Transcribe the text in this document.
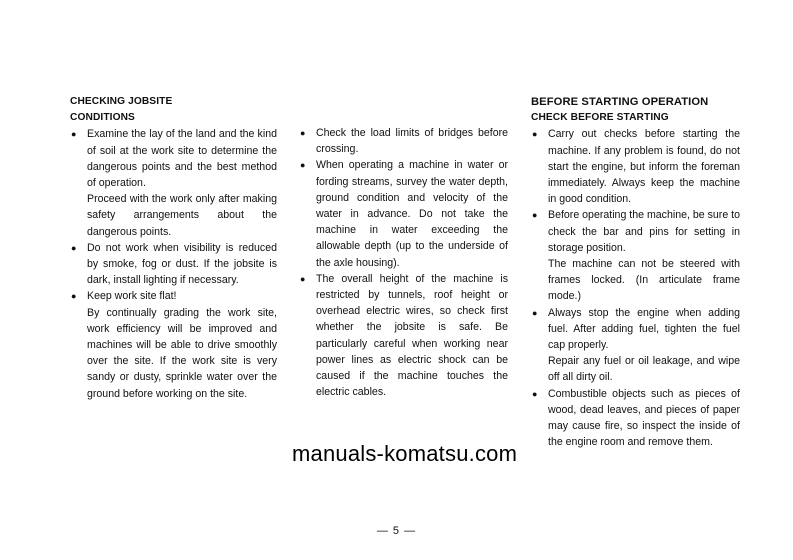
CHECKING JOBSITE
CONDITIONS
● Examine the lay of the land and the kind of soil at the work site to determine the dangerous points and the best method of operation.

Proceed with the work only after making safety arrangements about the dangerous points.

● Do not work when visibility is reduced by smoke, fog or dust. If the jobsite is dark, install lighting if necessary.

● Keep work site flat!

By continually grading the work site, work efficiency will be improved and machines will be able to drive smoothly over the site. If the work site is very sandy or dusty, sprinkle water over the ground before working on the site.

● Check the load limits of bridges before crossing.

● When operating a machine in water or fording streams, survey the water depth, ground condition and velocity of the water in advance. Do not take the machine in water exceeding the allowable depth (up to the underside of the axle housing).

● The overall height of the machine is restricted by tunnels, roof height or overhead electric wires, so check first whether the jobsite is safe. Be particularly careful when working near power lines as electric shock can be caused if the machine touches the electric cables.

BEFORE STARTING OPERATION
CHECK BEFORE STARTING
● Carry out checks before starting the machine. If any problem is found, do not start the engine, but inform the foreman immediately. Always keep the machine in good condition.

● Before operating the machine, be sure to check the bar and pins for setting in storage position.

The machine can not be steered with frames locked. (In articulate frame mode.)

● Always stop the engine when adding fuel. After adding fuel, tighten the fuel cap properly.

Repair any fuel or oil leakage, and wipe off all dirty oil.

● Combustible objects such as pieces of wood, dead leaves, and pieces of paper may cause fire, so inspect the inside of the engine room and remove them.

manuals-komatsu.com
— 5 —
